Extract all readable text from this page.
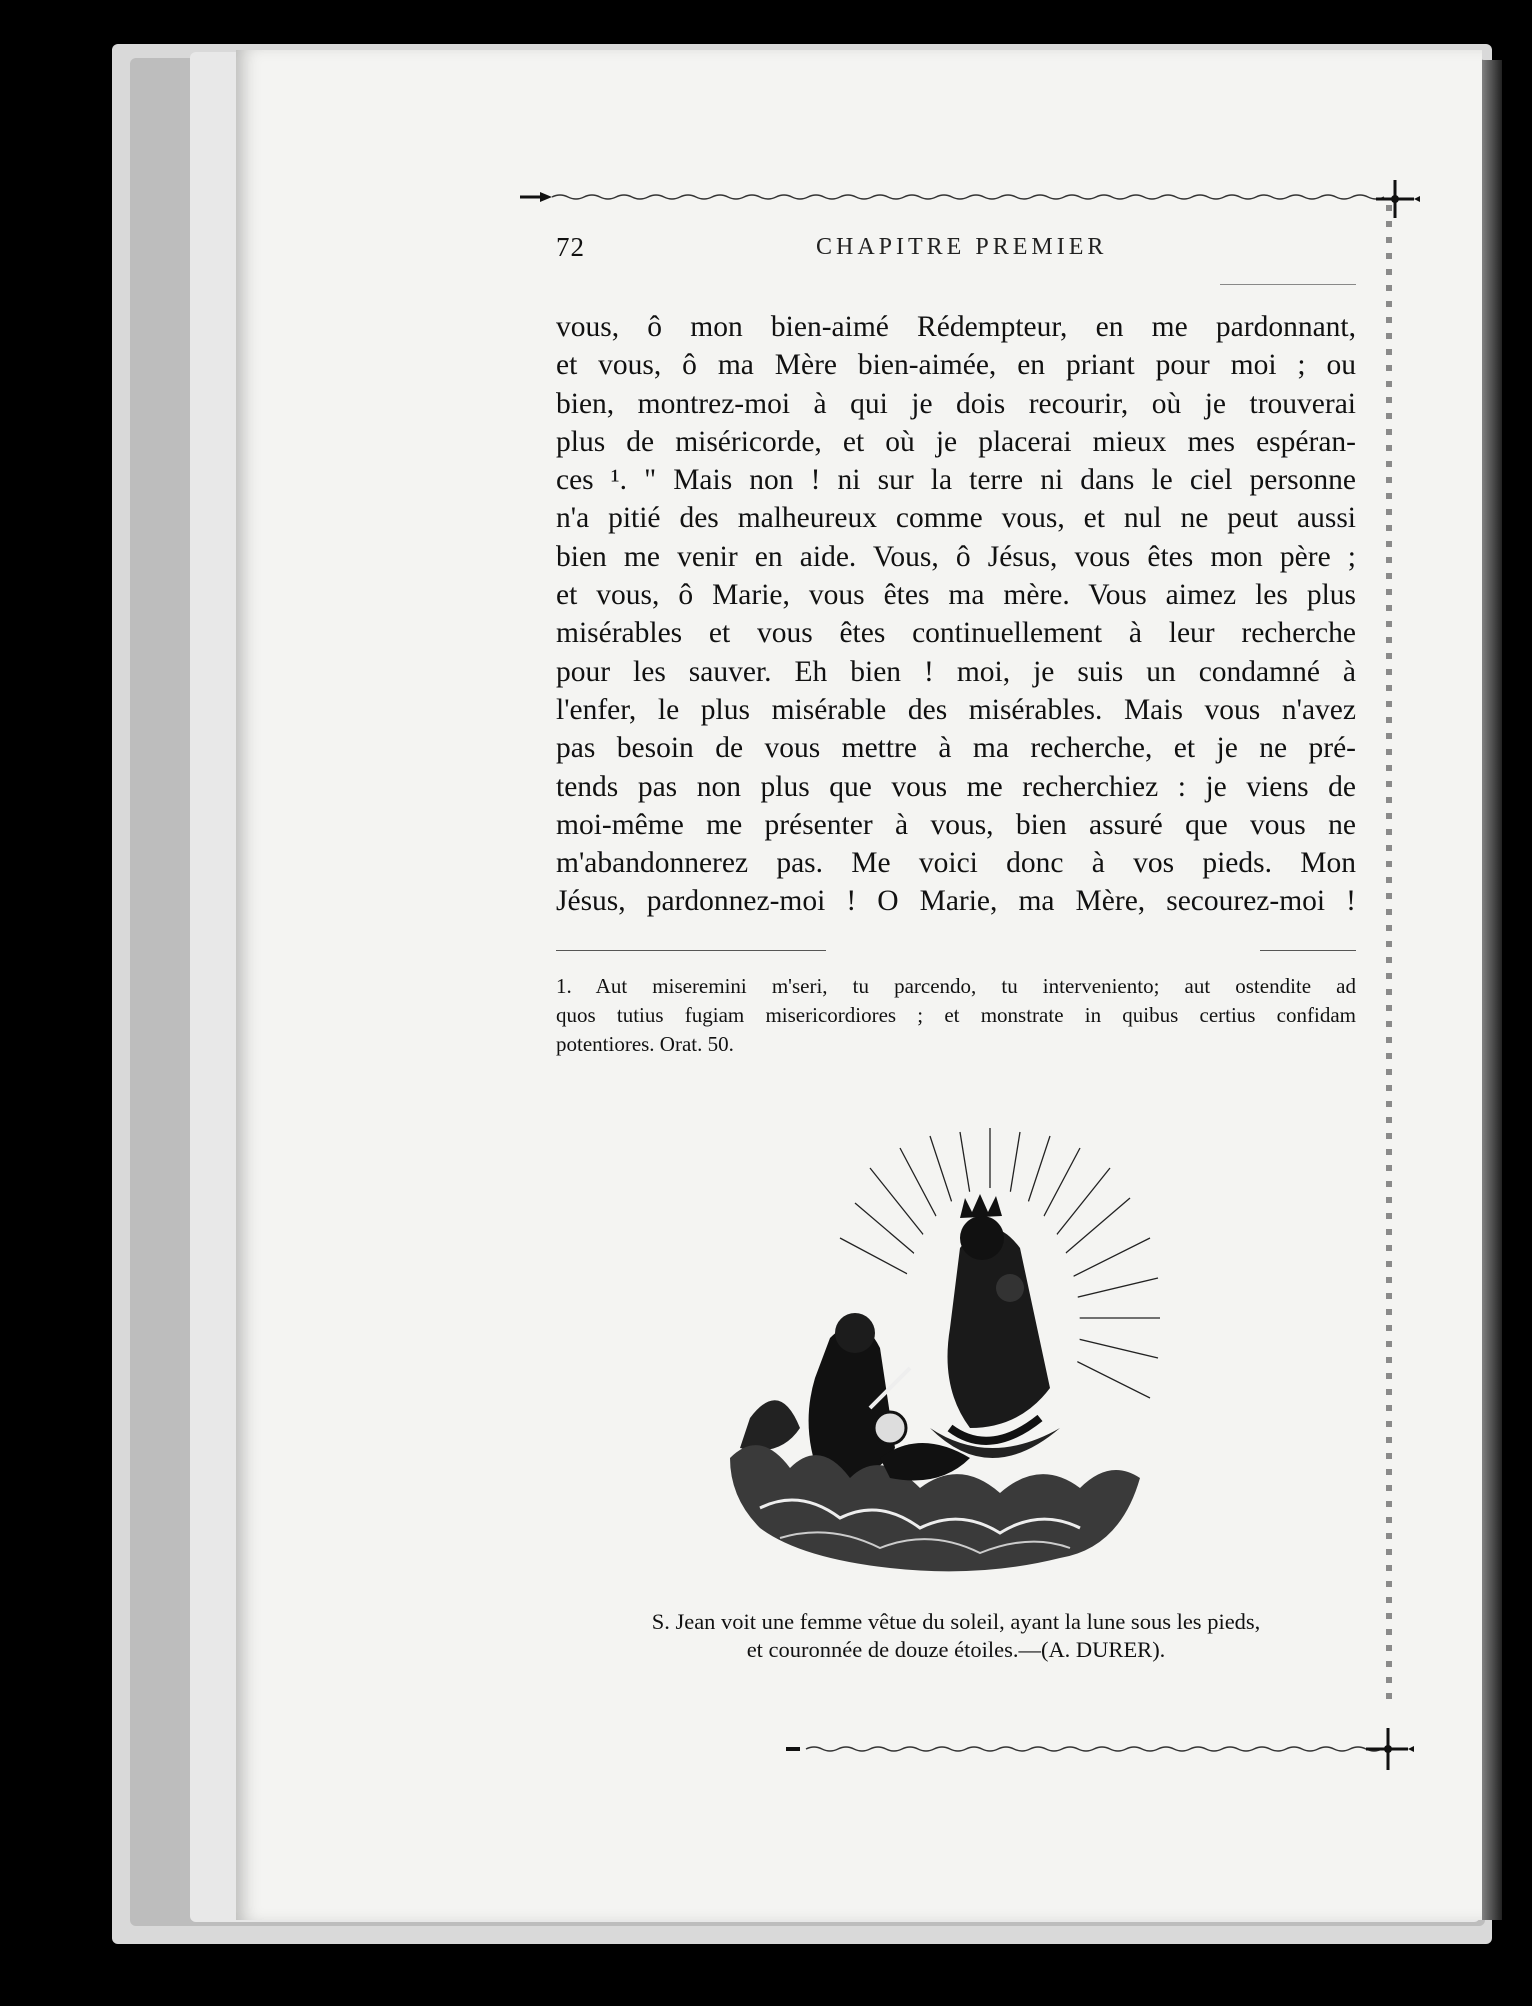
72	CHAPITRE PREMIER
vous, ô mon bien-aimé Rédempteur, en me pardonnant,
et vous, ô ma Mère bien-aimée, en priant pour moi ; ou
bien, montrez-moi à qui je dois recourir, où je trouverai
plus de miséricorde, et où je placerai mieux mes espéran-
ces ¹. " Mais non ! ni sur la terre ni dans le ciel personne
n'a pitié des malheureux comme vous, et nul ne peut aussi
bien me venir en aide. Vous, ô Jésus, vous êtes mon père ;
et vous, ô Marie, vous êtes ma mère. Vous aimez les plus
misérables et vous êtes continuellement à leur recherche
pour les sauver. Eh bien ! moi, je suis un condamné à
l'enfer, le plus misérable des misérables. Mais vous n'avez
pas besoin de vous mettre à ma recherche, et je ne pré-
tends pas non plus que vous me recherchiez : je viens de
moi-même me présenter à vous, bien assuré que vous ne
m'abandonnerez pas. Me voici donc à vos pieds. Mon
Jésus, pardonnez-moi ! O Marie, ma Mère, secourez-moi !
1. Aut miseremini m'seri, tu parcendo, tu interveniento; aut ostendite ad
quos tutius fugiam misericordiores ; et monstrate in quibus certius confidam
potentiores. Orat. 50.
S. Jean voit une femme vêtue du soleil, ayant la lune sous les pieds,
et couronnée de douze étoiles.—(A. DURER).
